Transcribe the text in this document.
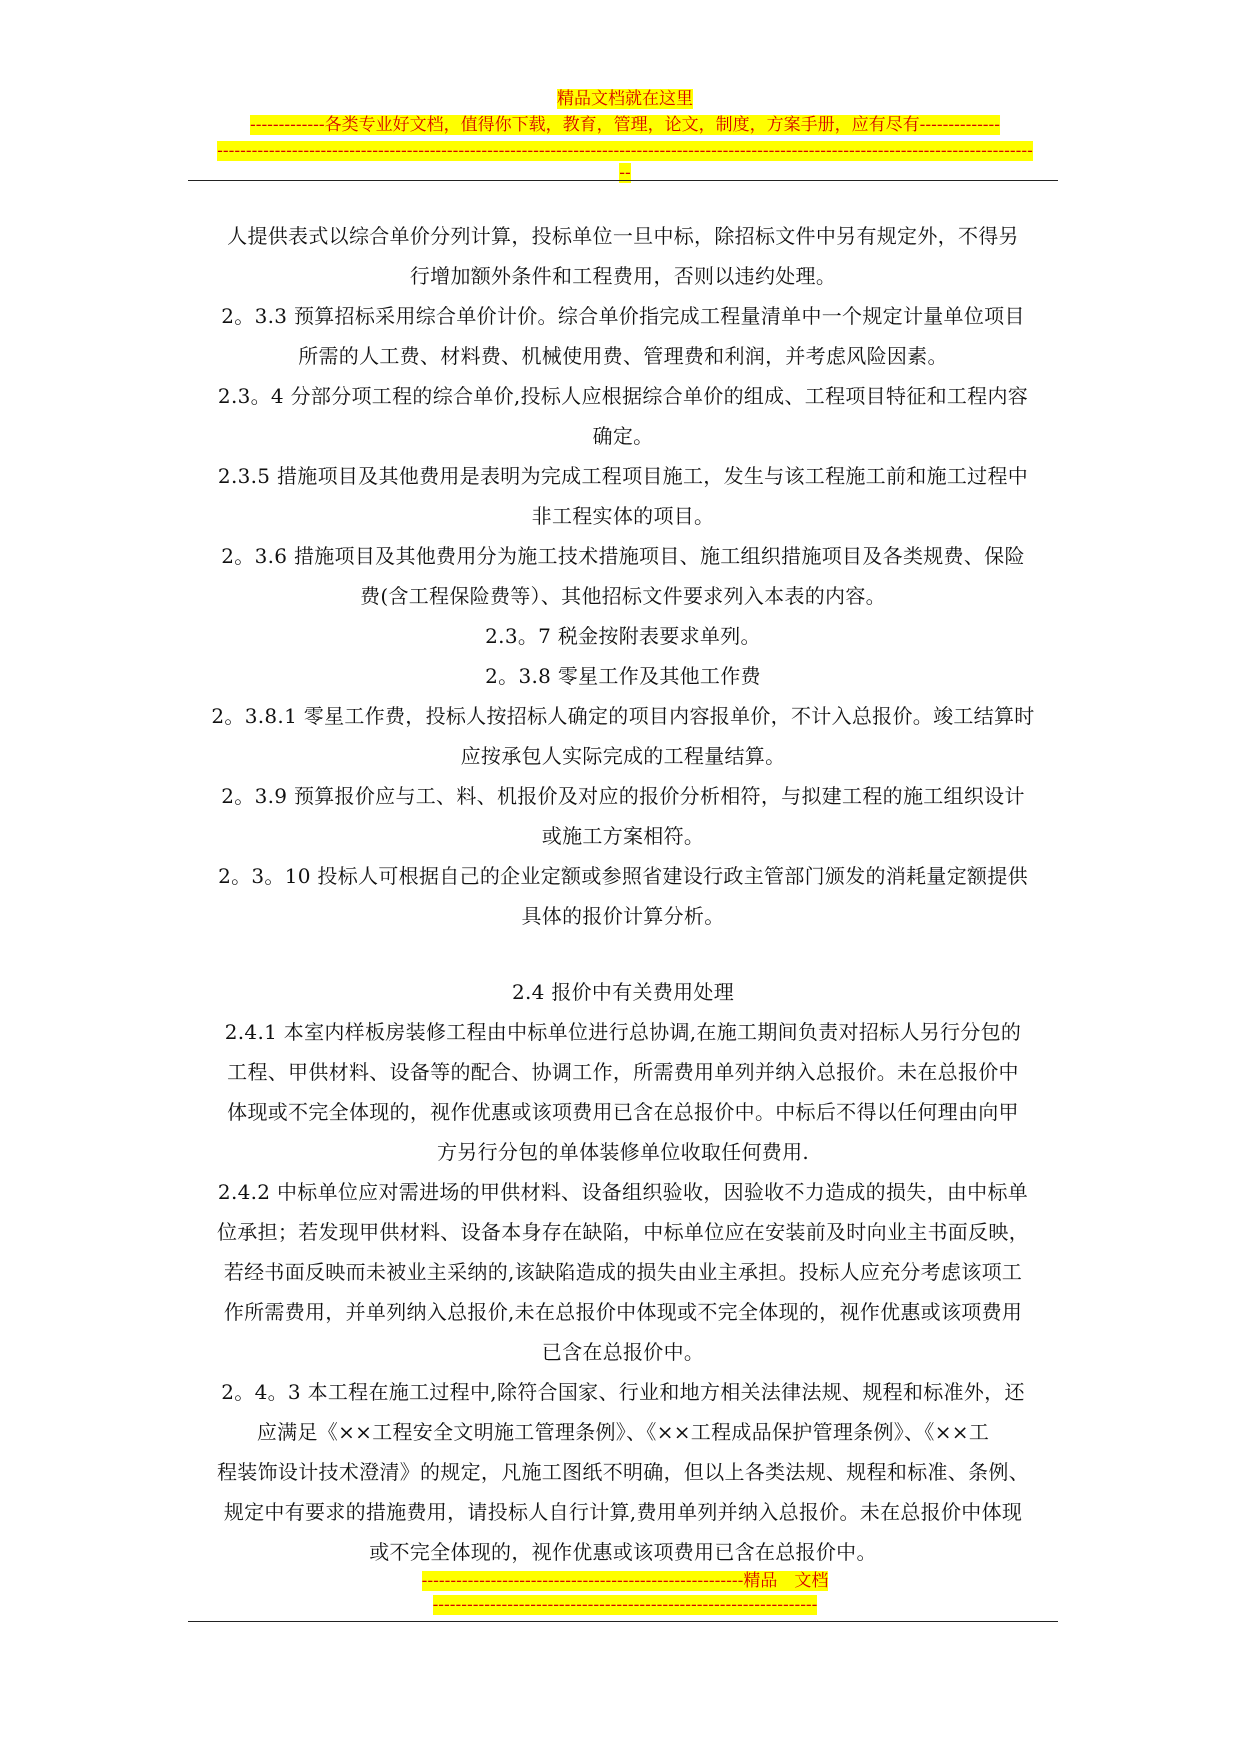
精品文档就在这里
-------------各类专业好文档，值得你下载，教育，管理，论文，制度，方案手册，应有尽有--------------
----------------------------------------------------------------------------------------------------------------------------------------------
--

人提供表式以综合单价分列计算，投标单位一旦中标，除招标文件中另有规定外，不得另

行增加额外条件和工程费用，否则以违约处理。

2。3.3 预算招标采用综合单价计价。综合单价指完成工程量清单中一个规定计量单位项目

所需的人工费、材料费、机械使用费、管理费和利润，并考虑风险因素。

2.3。4 分部分项工程的综合单价,投标人应根据综合单价的组成、工程项目特征和工程内容

确定。

2.3.5 措施项目及其他费用是表明为完成工程项目施工，发生与该工程施工前和施工过程中

非工程实体的项目。

2。3.6 措施项目及其他费用分为施工技术措施项目、施工组织措施项目及各类规费、保险

费(含工程保险费等）、其他招标文件要求列入本表的内容。

2.3。7 税金按附表要求单列。

2。3.8 零星工作及其他工作费

2。3.8.1 零星工作费，投标人按招标人确定的项目内容报单价，不计入总报价。竣工结算时

应按承包人实际完成的工程量结算。

2。3.9 预算报价应与工、料、机报价及对应的报价分析相符，与拟建工程的施工组织设计

或施工方案相符。

2。3。10 投标人可根据自己的企业定额或参照省建设行政主管部门颁发的消耗量定额提供

具体的报价计算分析。

2.4 报价中有关费用处理

2.4.1 本室内样板房装修工程由中标单位进行总协调,在施工期间负责对招标人另行分包的

工程、甲供材料、设备等的配合、协调工作，所需费用单列并纳入总报价。未在总报价中

体现或不完全体现的，视作优惠或该项费用已含在总报价中。中标后不得以任何理由向甲

方另行分包的单体装修单位收取任何费用.

2.4.2 中标单位应对需进场的甲供材料、设备组织验收，因验收不力造成的损失，由中标单

位承担；若发现甲供材料、设备本身存在缺陷，中标单位应在安装前及时向业主书面反映，

若经书面反映而未被业主采纳的,该缺陷造成的损失由业主承担。投标人应充分考虑该项工

作所需费用，并单列纳入总报价,未在总报价中体现或不完全体现的，视作优惠或该项费用

已含在总报价中。

2。4。3 本工程在施工过程中,除符合国家、行业和地方相关法律法规、规程和标准外，还

应满足《××工程安全文明施工管理条例》、《××工程成品保护管理条例》、《××工

程装饰设计技术澄清》的规定，凡施工图纸不明确，但以上各类法规、规程和标准、条例、

规定中有要求的措施费用，请投标人自行计算,费用单列并纳入总报价。未在总报价中体现

或不完全体现的，视作优惠或该项费用已含在总报价中。

--------------------------------------------------------精品　文档
-------------------------------------------------------------------
